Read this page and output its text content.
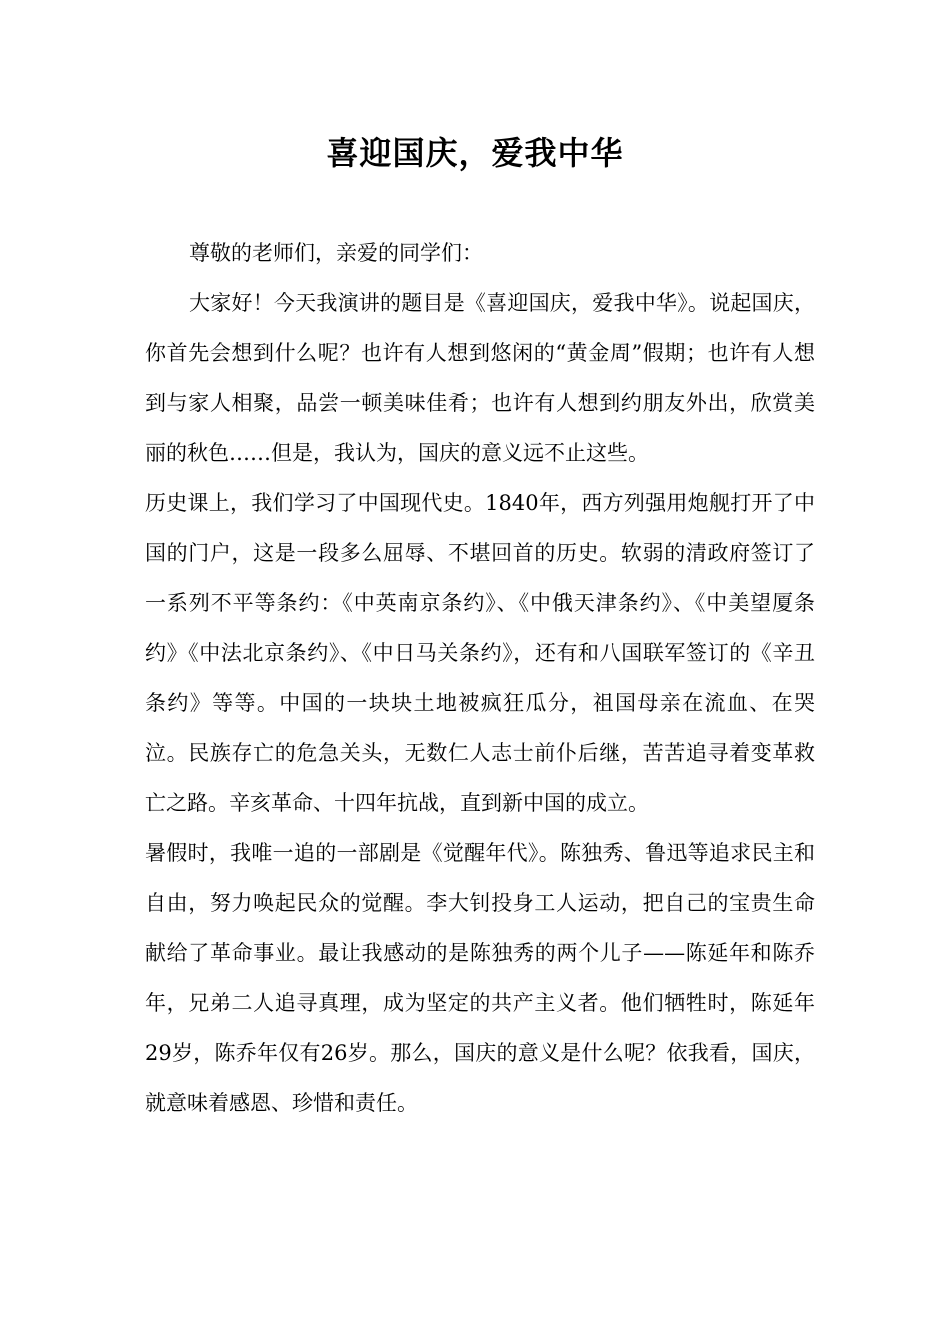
喜迎国庆，爱我中华

尊敬的老师们，亲爱的同学们：

大家好！今天我演讲的题目是《喜迎国庆，爱我中华》。说起国庆，你首先会想到什么呢？也许有人想到悠闲的“黄金周”假期；也许有人想到与家人相聚，品尝一顿美味佳肴；也许有人想到约朋友外出，欣赏美丽的秋色……但是，我认为，国庆的意义远不止这些。

历史课上，我们学习了中国现代史。1840年，西方列强用炮舰打开了中国的门户，这是一段多么屈辱、不堪回首的历史。软弱的清政府签订了一系列不平等条约：《中英南京条约》、《中俄天津条约》、《中美望厦条约》《中法北京条约》、《中日马关条约》，还有和八国联军签订的《辛丑条约》等等。中国的一块块土地被疯狂瓜分，祖国母亲在流血、在哭泣。民族存亡的危急关头，无数仁人志士前仆后继，苦苦追寻着变革救亡之路。辛亥革命、十四年抗战，直到新中国的成立。

暑假时，我唯一追的一部剧是《觉醒年代》。陈独秀、鲁迅等追求民主和自由，努力唤起民众的觉醒。李大钊投身工人运动，把自己的宝贵生命献给了革命事业。最让我感动的是陈独秀的两个儿子——陈延年和陈乔年，兄弟二人追寻真理，成为坚定的共产主义者。他们牺牲时，陈延年29岁，陈乔年仅有26岁。那么，国庆的意义是什么呢？依我看，国庆，就意味着感恩、珍惜和责任。
